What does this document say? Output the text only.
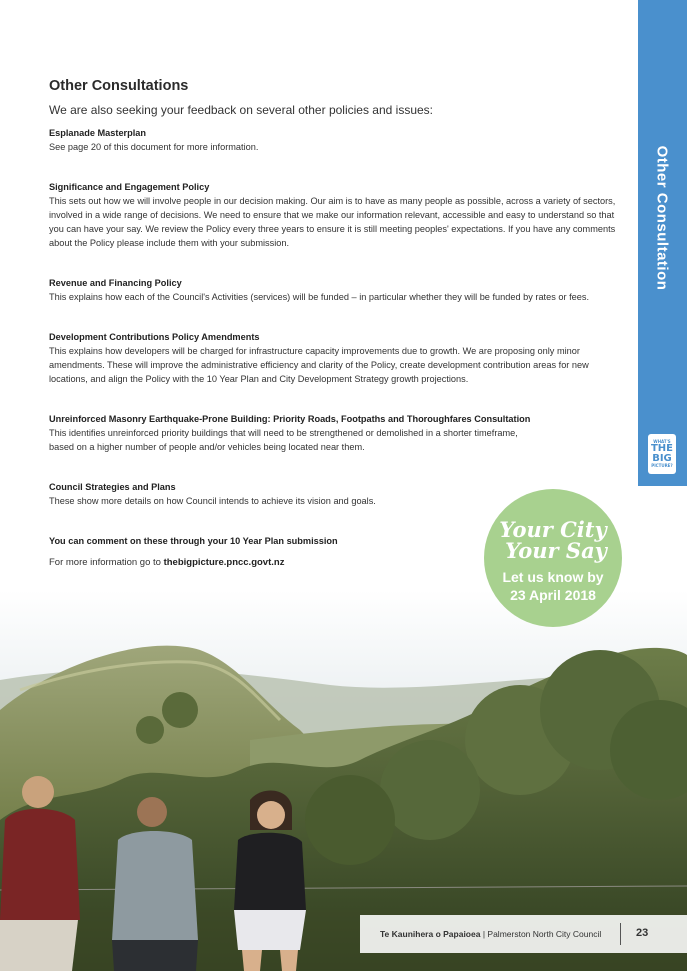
Other Consultation
WHAT'S
THE
BIG
PICTURE?
Other Consultations

We are also seeking your feedback on several other policies and issues:

Esplanade Masterplan

See page 20 of this document for more information.

Significance and Engagement Policy

This sets out how we will involve people in our decision making. Our aim is to have as many people as possible, across a variety of sectors, involved in a wide range of decisions. We need to ensure that we make our information relevant, accessible and easy to understand so that you can have your say. We review the Policy every three years to ensure it is still meeting peoples' expectations. If you have any comments about the Policy please include them with your submission.

Revenue and Financing Policy

This explains how each of the Council's Activities (services) will be funded – in particular whether they will be funded by rates or fees.

Development Contributions Policy Amendments

This explains how developers will be charged for infrastructure capacity improvements due to growth. We are proposing only minor amendments. These will improve the administrative efficiency and clarity of the Policy, create development contribution areas for new locations, and align the Policy with the 10 Year Plan and City Development Strategy growth projections.

Unreinforced Masonry Earthquake-Prone Building: Priority Roads, Footpaths and Thoroughfares Consultation

This identifies unreinforced priority buildings that will need to be strengthened or demolished in a shorter timeframe,

based on a higher number of people and/or vehicles being located near them.

Council Strategies and Plans

These show more details on how Council intends to achieve its vision and goals.

You can comment on these through your 10 Year Plan submission

For more information go to thebigpicture.pncc.govt.nz

Your City
Your Say
Let us know by
23 April 2018
Te Kaunihera o Papaioea | Palmerston North City Council	23
